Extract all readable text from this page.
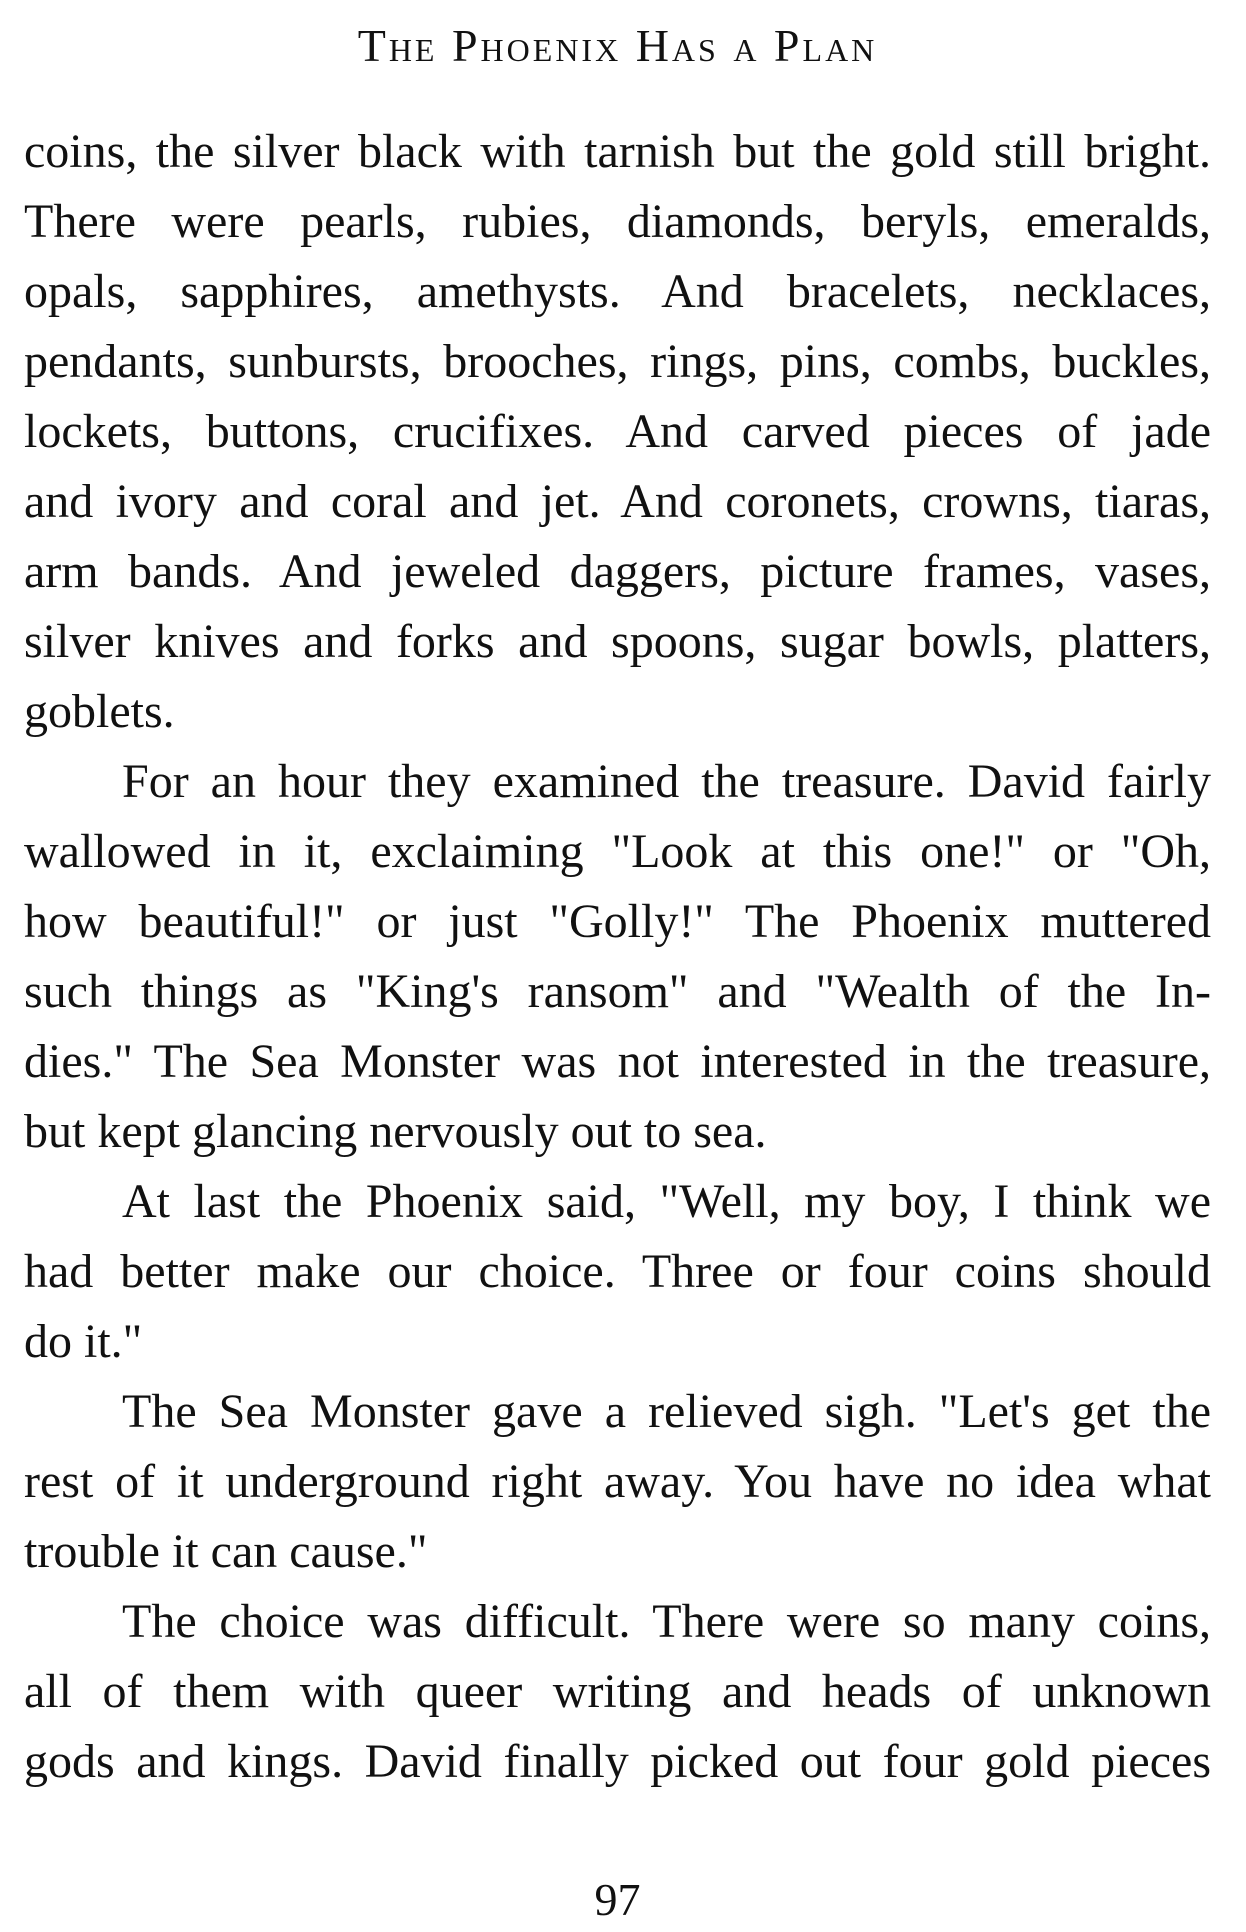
The Phoenix Has a Plan
coins, the silver black with tarnish but the gold still bright.
There were pearls, rubies, diamonds, beryls, emeralds,
opals, sapphires, amethysts. And bracelets, necklaces,
pendants, sunbursts, brooches, rings, pins, combs, buckles,
lockets, buttons, crucifixes. And carved pieces of jade
and ivory and coral and jet. And coronets, crowns, tiaras,
arm bands. And jeweled daggers, picture frames, vases,
silver knives and forks and spoons, sugar bowls, platters,
goblets.
For an hour they examined the treasure. David fairly
wallowed in it, exclaiming "Look at this one!" or "Oh,
how beautiful!" or just "Golly!" The Phoenix muttered
such things as "King's ransom" and "Wealth of the In-
dies." The Sea Monster was not interested in the treasure,
but kept glancing nervously out to sea.
At last the Phoenix said, "Well, my boy, I think we
had better make our choice. Three or four coins should
do it."
The Sea Monster gave a relieved sigh. "Let's get the
rest of it underground right away. You have no idea what
trouble it can cause."
The choice was difficult. There were so many coins,
all of them with queer writing and heads of unknown
gods and kings. David finally picked out four gold pieces
97
